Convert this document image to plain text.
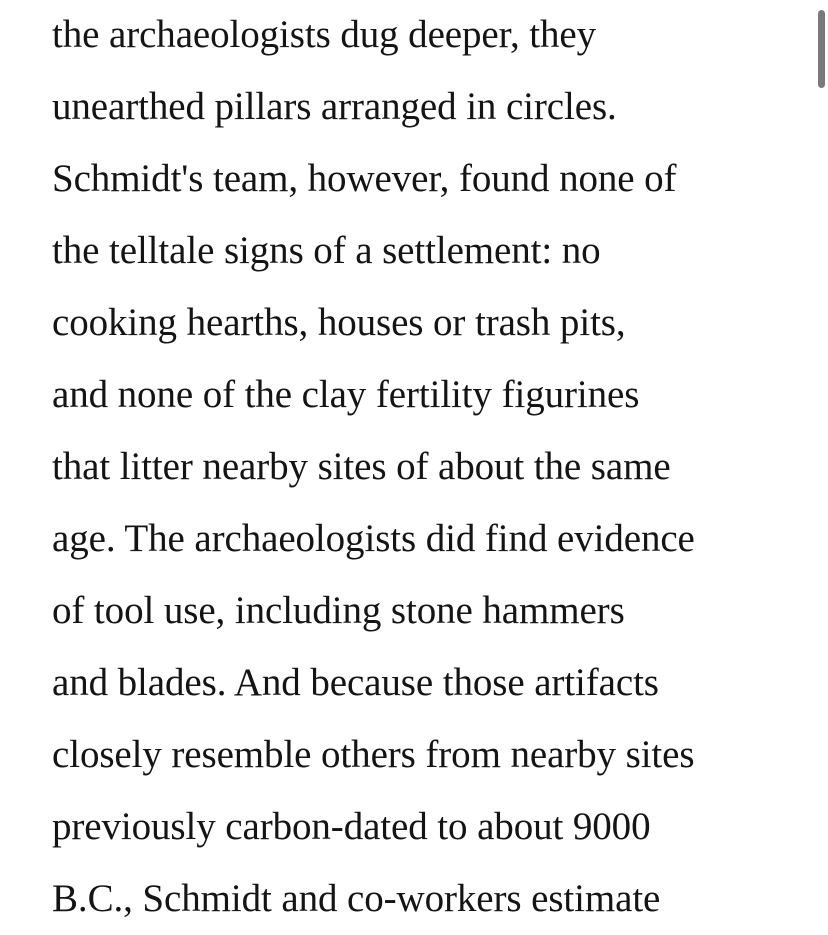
the archaeologists dug deeper, they
unearthed pillars arranged in circles.
Schmidt's team, however, found none of
the telltale signs of a settlement: no
cooking hearths, houses or trash pits,
and none of the clay fertility figurines
that litter nearby sites of about the same
age. The archaeologists did find evidence
of tool use, including stone hammers
and blades. And because those artifacts
closely resemble others from nearby sites
previously carbon-dated to about 9000
B.C., Schmidt and co-workers estimate
